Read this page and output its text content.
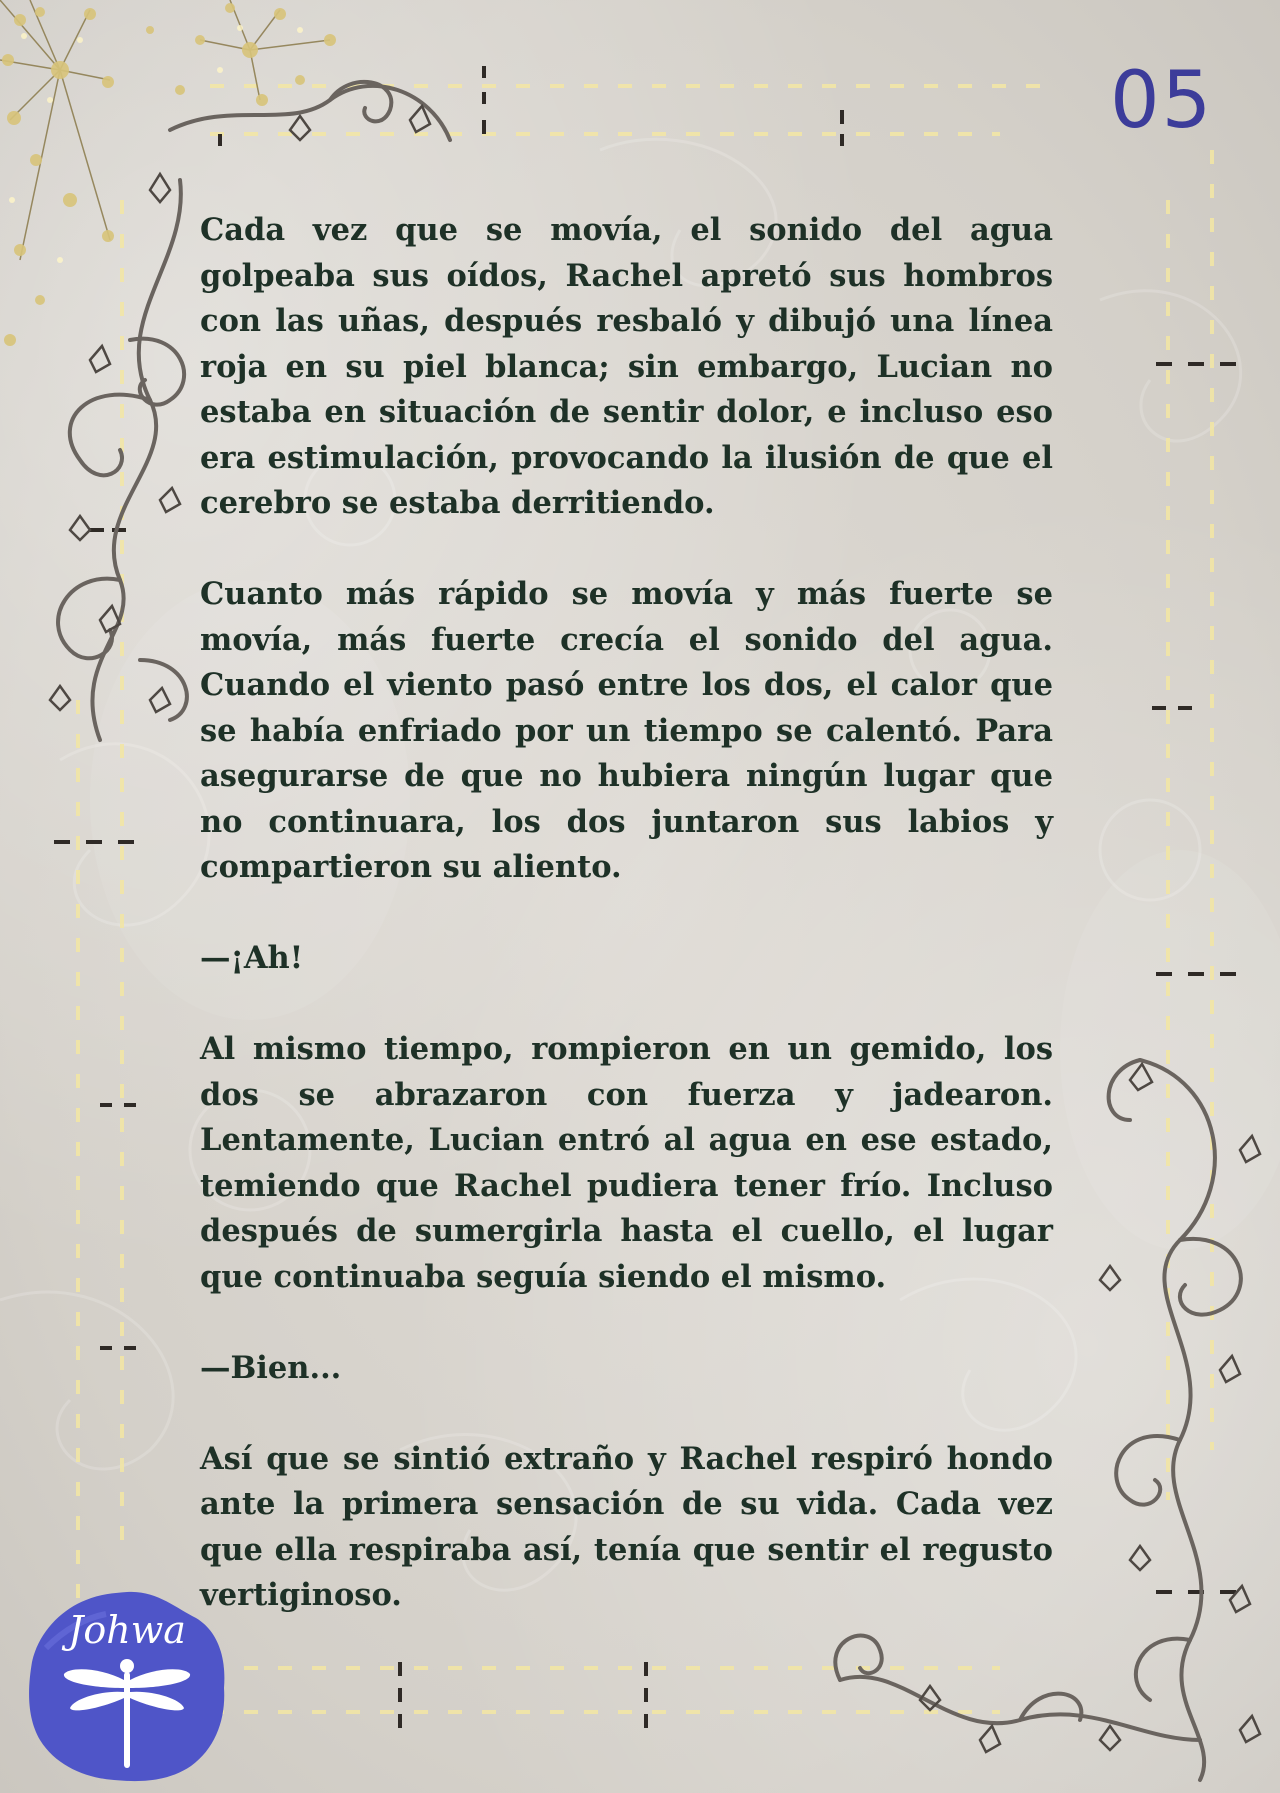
05

Cada vez que se movía, el sonido del agua golpeaba sus oídos, Rachel apretó sus hombros con las uñas, después resbaló y dibujó una línea roja en su piel blanca; sin embargo, Lucian no estaba en situación de sentir dolor, e incluso eso era estimulación, provocando la ilusión de que el cerebro se estaba derritiendo.

Cuanto más rápido se movía y más fuerte se movía, más fuerte crecía el sonido del agua. Cuando el viento pasó entre los dos, el calor que se había enfriado por un tiempo se calentó. Para asegurarse de que no hubiera ningún lugar que no continuara, los dos juntaron sus labios y compartieron su aliento.

—¡Ah!

Al mismo tiempo, rompieron en un gemido, los dos se abrazaron con fuerza y jadearon. Lentamente, Lucian entró al agua en ese estado, temiendo que Rachel pudiera tener frío. Incluso después de sumergirla hasta el cuello, el lugar que continuaba seguía siendo el mismo.

—Bien...

Así que se sintió extraño y Rachel respiró hondo ante la primera sensación de su vida. Cada vez que ella respiraba así, tenía que sentir el regusto vertiginoso.

Johwa
